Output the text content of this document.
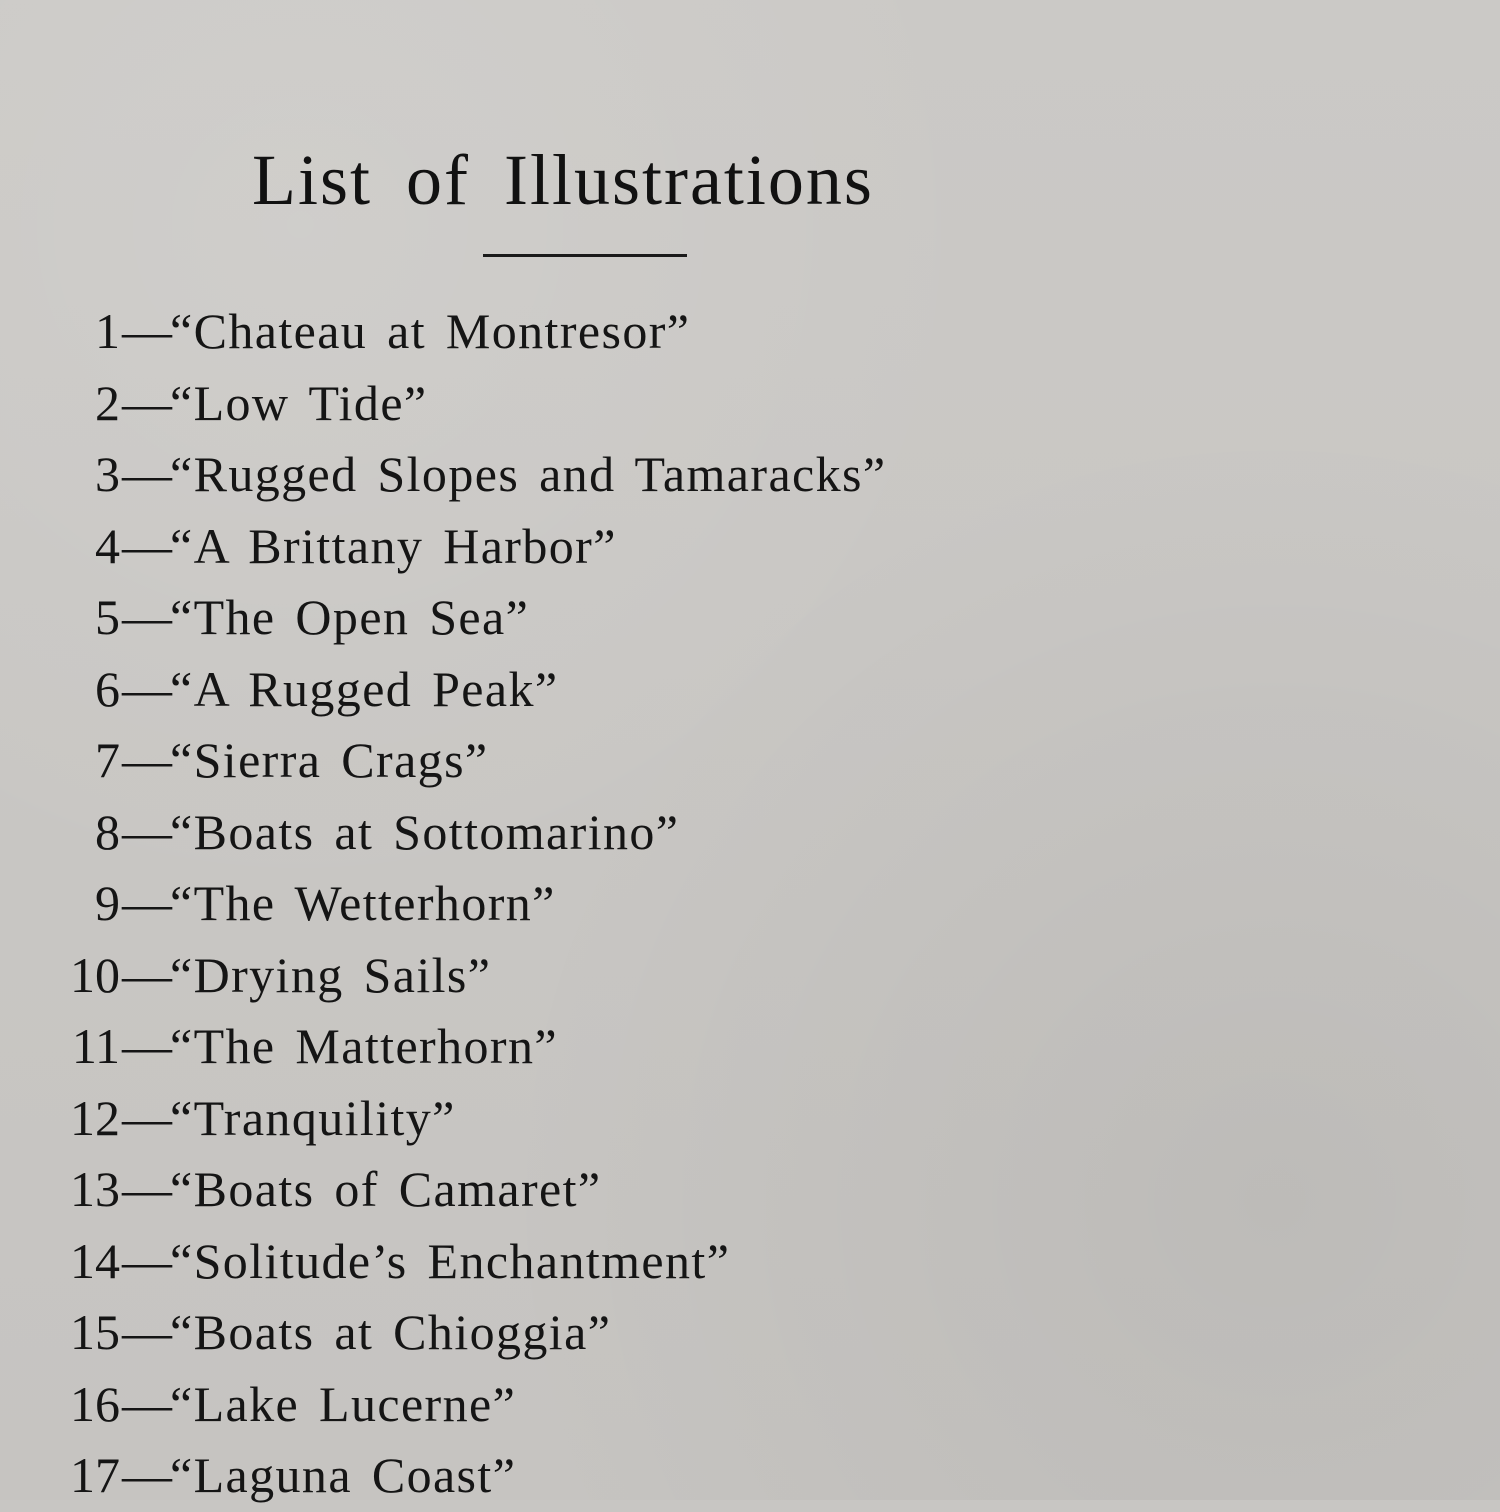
List of Illustrations
1 —
“Chateau at Montresor”
2 —
“Low Tide”
3 —
“Rugged Slopes and Tamaracks”
4 —
“A Brittany Harbor”
5 —
“The Open Sea”
6 —
“A Rugged Peak”
7 —
“Sierra Crags”
8 —
“Boats at Sottomarino”
9 —
“The Wetterhorn”
10 —
“Drying Sails”
11 —
“The Matterhorn”
12 —
“Tranquility”
13 —
“Boats of Camaret”
14 —
“Solitude’s Enchantment”
15 —
“Boats at Chioggia”
16 —
“Lake Lucerne”
17 —
“Laguna Coast”
